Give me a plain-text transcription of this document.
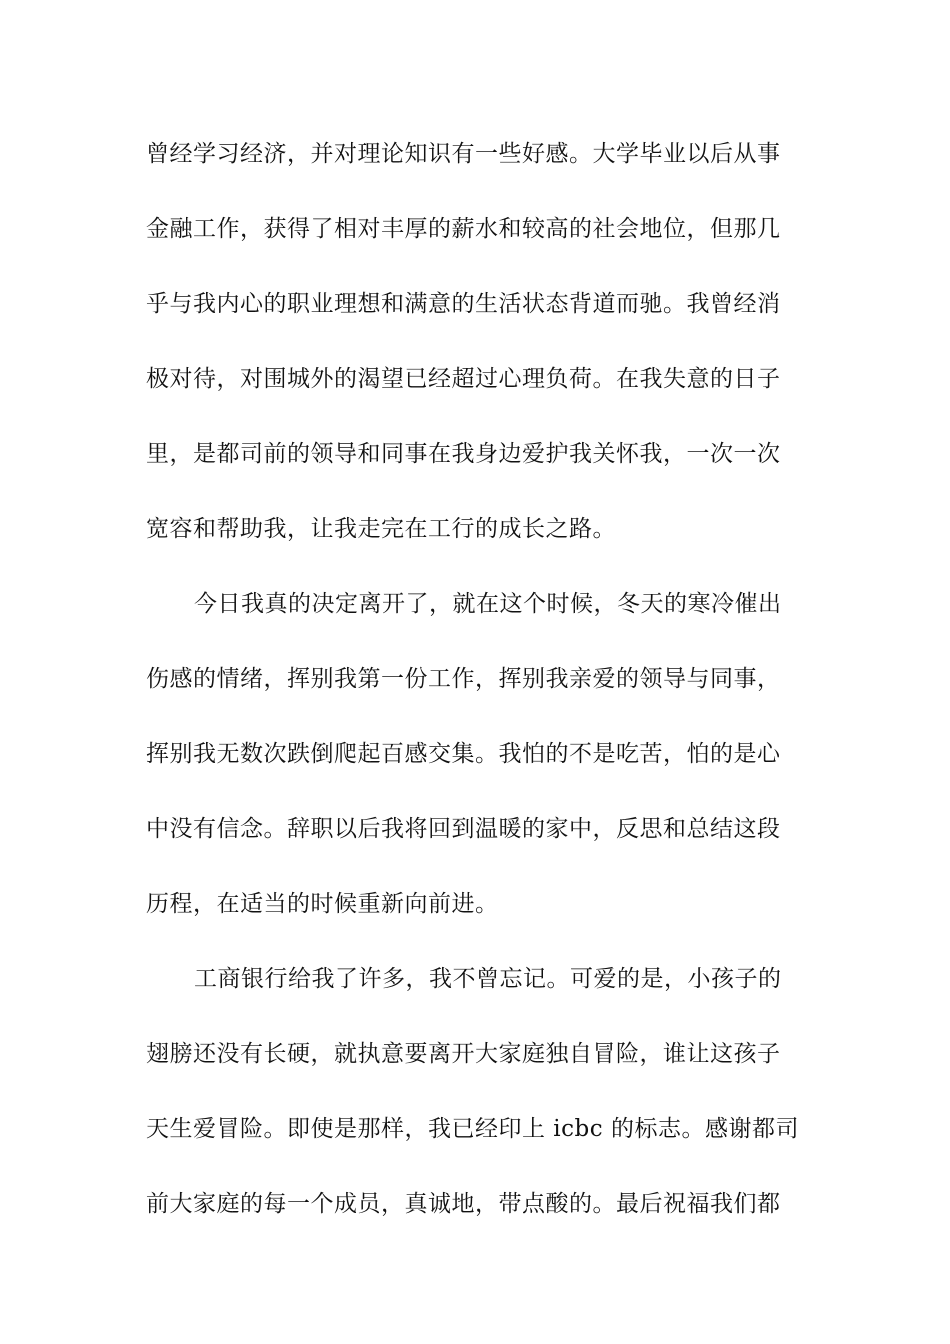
曾经学习经济，并对理论知识有一些好感。大学毕业以后从事
金融工作，获得了相对丰厚的薪水和较高的社会地位，但那几
乎与我内心的职业理想和满意的生活状态背道而驰。我曾经消
极对待，对围城外的渴望已经超过心理负荷。在我失意的日子
里，是都司前的领导和同事在我身边爱护我关怀我，一次一次
宽容和帮助我，让我走完在工行的成长之路。
今日我真的决定离开了，就在这个时候，冬天的寒冷催出
伤感的情绪，挥别我第一份工作，挥别我亲爱的领导与同事，
挥别我无数次跌倒爬起百感交集。我怕的不是吃苦，怕的是心
中没有信念。辞职以后我将回到温暖的家中，反思和总结这段
历程，在适当的时候重新向前进。
工商银行给我了许多，我不曾忘记。可爱的是，小孩子的
翅膀还没有长硬，就执意要离开大家庭独自冒险，谁让这孩子
天生爱冒险。即使是那样，我已经印上 icbc 的标志。感谢都司
前大家庭的每一个成员，真诚地，带点酸的。最后祝福我们都
